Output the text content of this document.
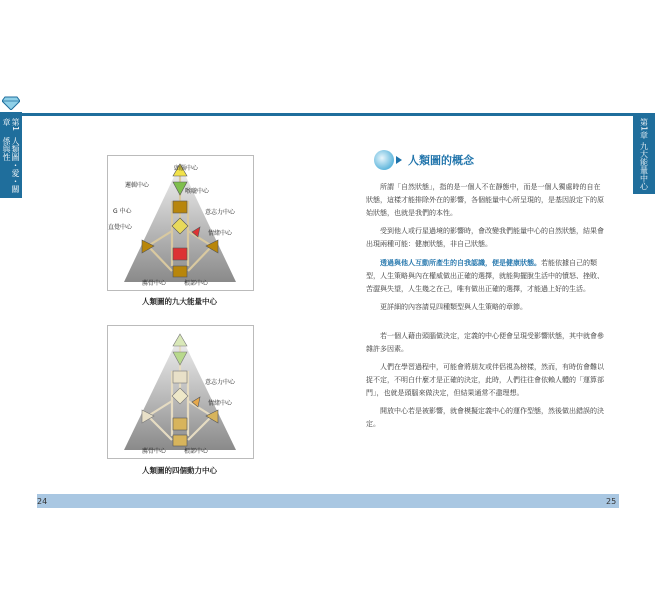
第1章
人類圖・愛・關係與性
第1章
九大能量中心
頭腦中心
邏輯中心
喉嚨中心
G 中心	意志力中心
直覺中心
情緒中心
薦骨中心	根部中心
人類圖的九大能量中心
意志力中心
情緒中心
薦骨中心	根部中心
人類圖的四個動力中心
人類圖的概念

所謂「自然狀態」，指的是一個人不在靜態中，而是一個人獨處時的自在狀態，這樣才能排除外在的影響，各個能量中心所呈現的，是基因設定下的原始狀態，也就是我們的本性。

受到他人或行星過境的影響時，會改變我們能量中心的自然狀態，結果會出現兩種可能：健康狀態，非自己狀態。

透過與他人互動所產生的自我認識，便是健康狀態。若能依據自己的類型，人生策略與內在權威做出正確的選擇，就能夠擺脫生活中的憤怒、挫敗、苦澀與失望，人生幾之在己，唯有做出正確的選擇，才能過上好的生活。

更詳細的內容請見四種類型與人生策略的章節。

若一個人藉由頭腦做決定，定義的中心便會呈現受影響狀態，其中就會參雜許多因素。

人們在學習過程中，可能會將朋友或伴侶視為榜樣，然而，有時仿會難以捉不定，不明白什麼才是正確的決定，此時，人們往往會依賴人體的「運算部門」，也就是頭腦來做決定，但結果通常不盡理想。

開放中心若是被影響，就會模擬定義中心的運作型態，然後做出錯誤的決定。

24	25
